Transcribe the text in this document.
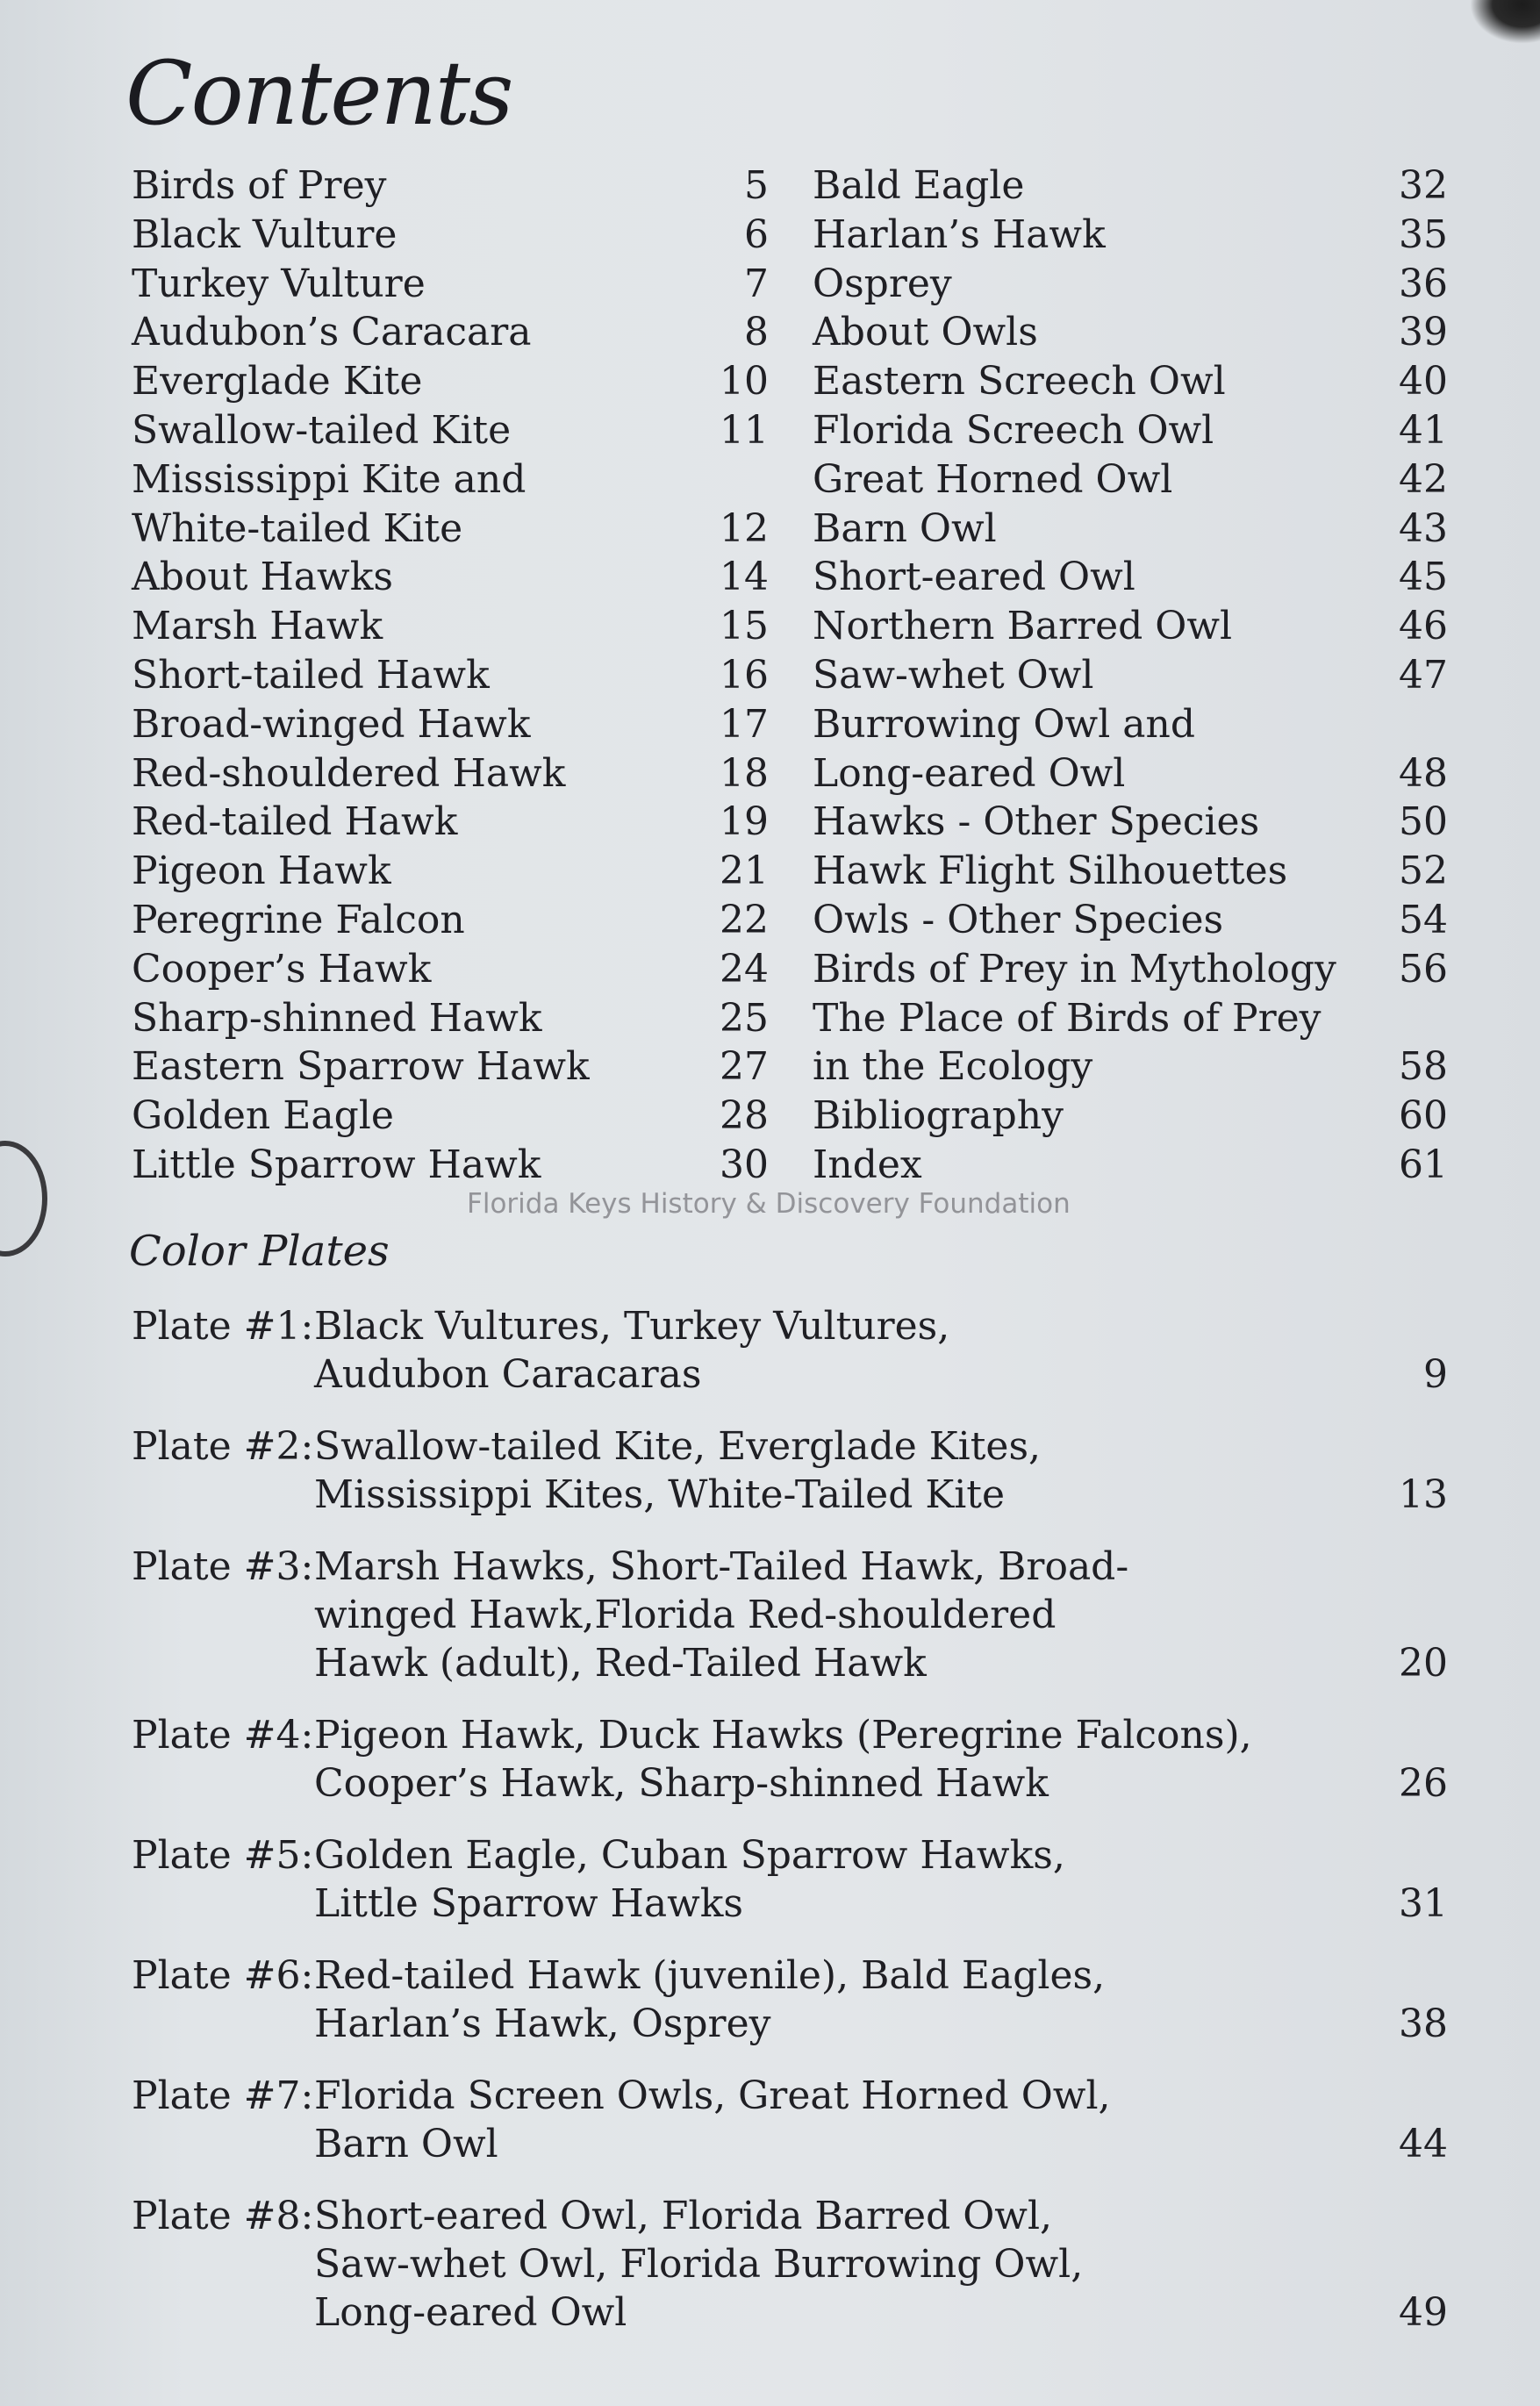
Contents
Birds of Prey	5
Black Vulture	6
Turkey Vulture	7
Audubon’s Caracara	8
Everglade Kite	10
Swallow-tailed Kite	11
Mississippi Kite and
White-tailed Kite	12
About Hawks	14
Marsh Hawk	15
Short-tailed Hawk	16
Broad-winged Hawk	17
Red-shouldered Hawk	18
Red-tailed Hawk	19
Pigeon Hawk	21
Peregrine Falcon	22
Cooper’s Hawk	24
Sharp-shinned Hawk	25
Eastern Sparrow Hawk	27
Golden Eagle	28
Little Sparrow Hawk	30
Bald Eagle	32
Harlan’s Hawk	35
Osprey	36
About Owls	39
Eastern Screech Owl	40
Florida Screech Owl	41
Great Horned Owl	42
Barn Owl	43
Short-eared Owl	45
Northern Barred Owl	46
Saw-whet Owl	47
Burrowing Owl and
Long-eared Owl	48
Hawks - Other Species	50
Hawk Flight Silhouettes	52
Owls - Other Species	54
Birds of Prey in Mythology	56
The Place of Birds of Prey
in the Ecology	58
Bibliography	60
Index	61
Florida Keys History & Discovery Foundation
Color Plates
Plate #1: Black Vultures, Turkey Vultures,
Audubon Caracaras	9
Plate #2: Swallow-tailed Kite, Everglade Kites,
Mississippi Kites, White-Tailed Kite	13
Plate #3: Marsh Hawks, Short-Tailed Hawk, Broad-
winged Hawk,Florida Red-shouldered
Hawk (adult), Red-Tailed Hawk	20
Plate #4: Pigeon Hawk, Duck Hawks (Peregrine Falcons),
Cooper’s Hawk, Sharp-shinned Hawk	26
Plate #5: Golden Eagle, Cuban Sparrow Hawks,
Little Sparrow Hawks	31
Plate #6: Red-tailed Hawk (juvenile), Bald Eagles,
Harlan’s Hawk, Osprey	38
Plate #7: Florida Screen Owls, Great Horned Owl,
Barn Owl	44
Plate #8: Short-eared Owl, Florida Barred Owl,
Saw-whet Owl, Florida Burrowing Owl,
Long-eared Owl	49
